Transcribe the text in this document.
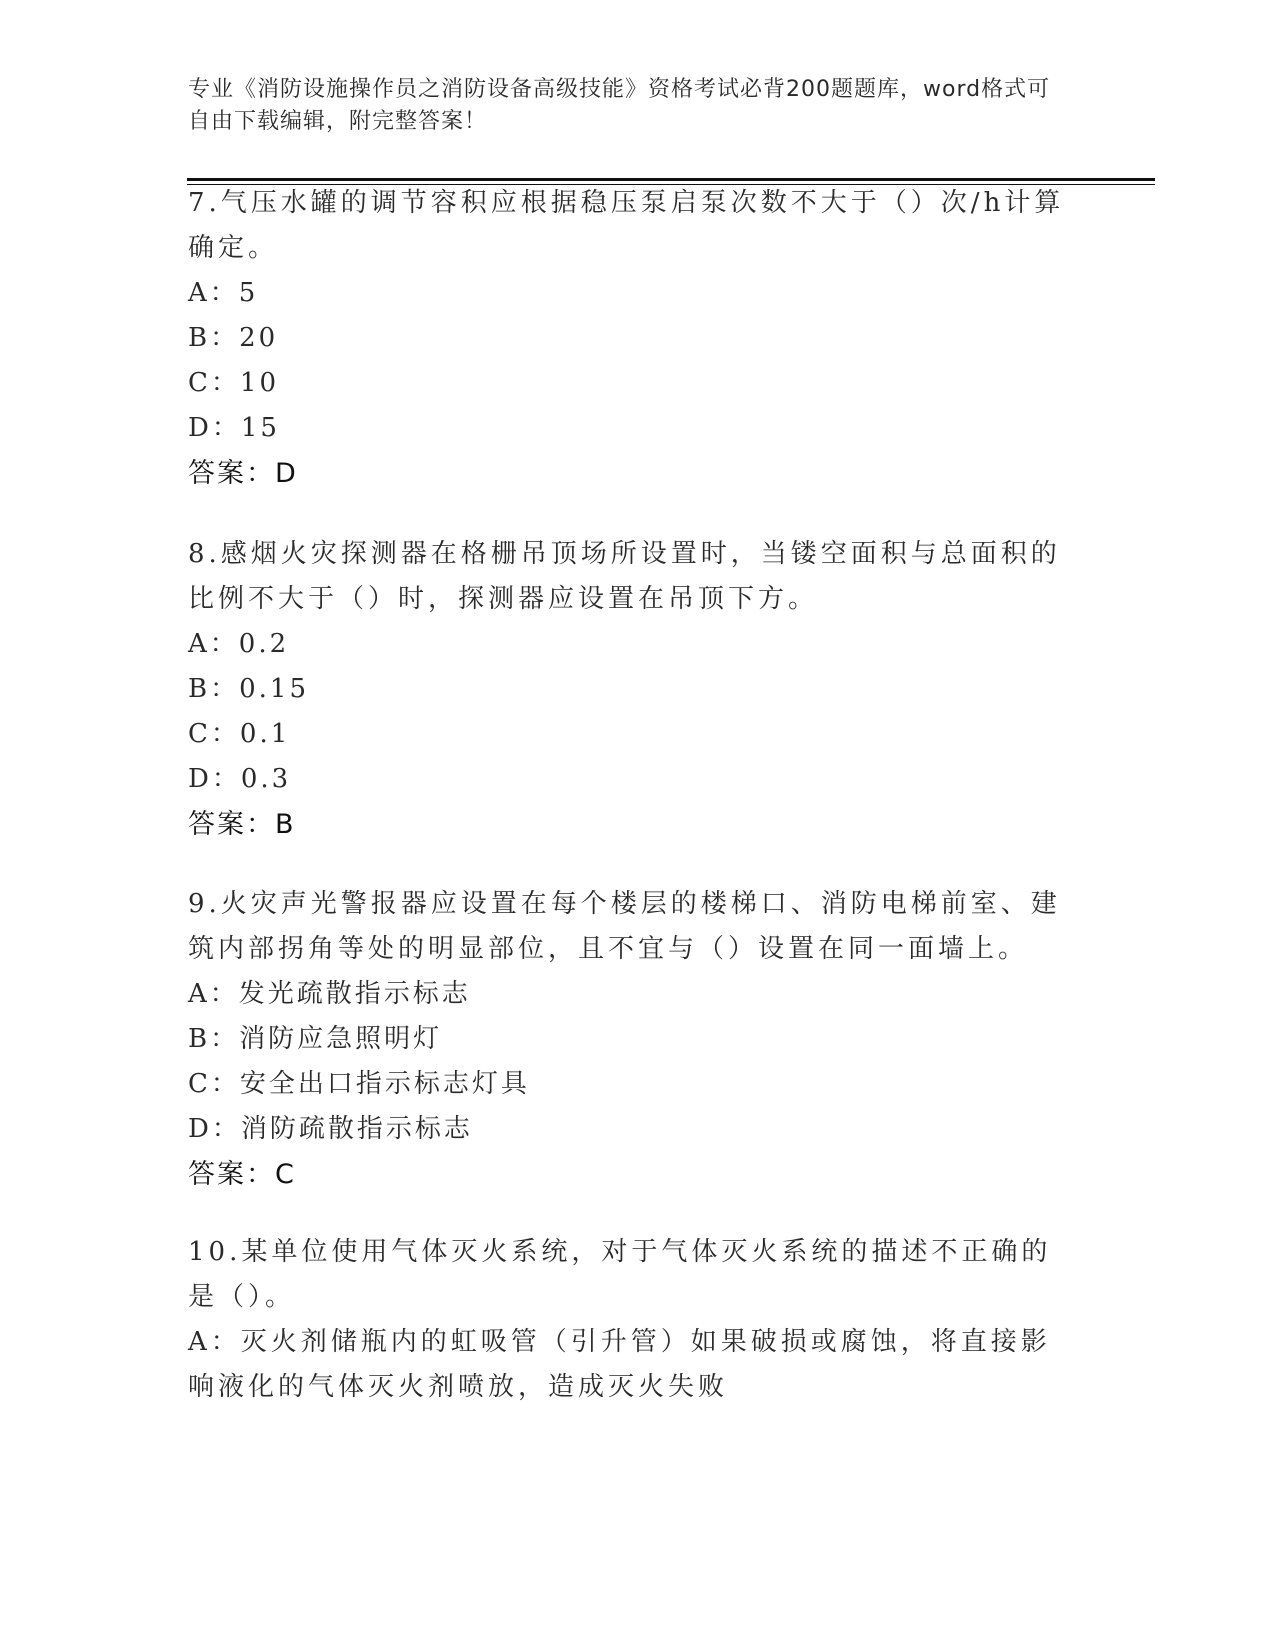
专业《消防设施操作员之消防设备高级技能》资格考试必背200题题库，word格式可自由下载编辑，附完整答案！
7.气压水罐的调节容积应根据稳压泵启泵次数不大于（）次/h计算确定。
A：5
B：20
C：10
D：15
答案：D
8.感烟火灾探测器在格栅吊顶场所设置时，当镂空面积与总面积的比例不大于（）时，探测器应设置在吊顶下方。
A：0.2
B：0.15
C：0.1
D：0.3
答案：B
9.火灾声光警报器应设置在每个楼层的楼梯口、消防电梯前室、建筑内部拐角等处的明显部位，且不宜与（）设置在同一面墙上。
A：发光疏散指示标志
B：消防应急照明灯
C：安全出口指示标志灯具
D：消防疏散指示标志
答案：C
10.某单位使用气体灭火系统，对于气体灭火系统的描述不正确的是（）。
A：灭火剂储瓶内的虹吸管（引升管）如果破损或腐蚀，将直接影响液化的气体灭火剂喷放，造成灭火失败
